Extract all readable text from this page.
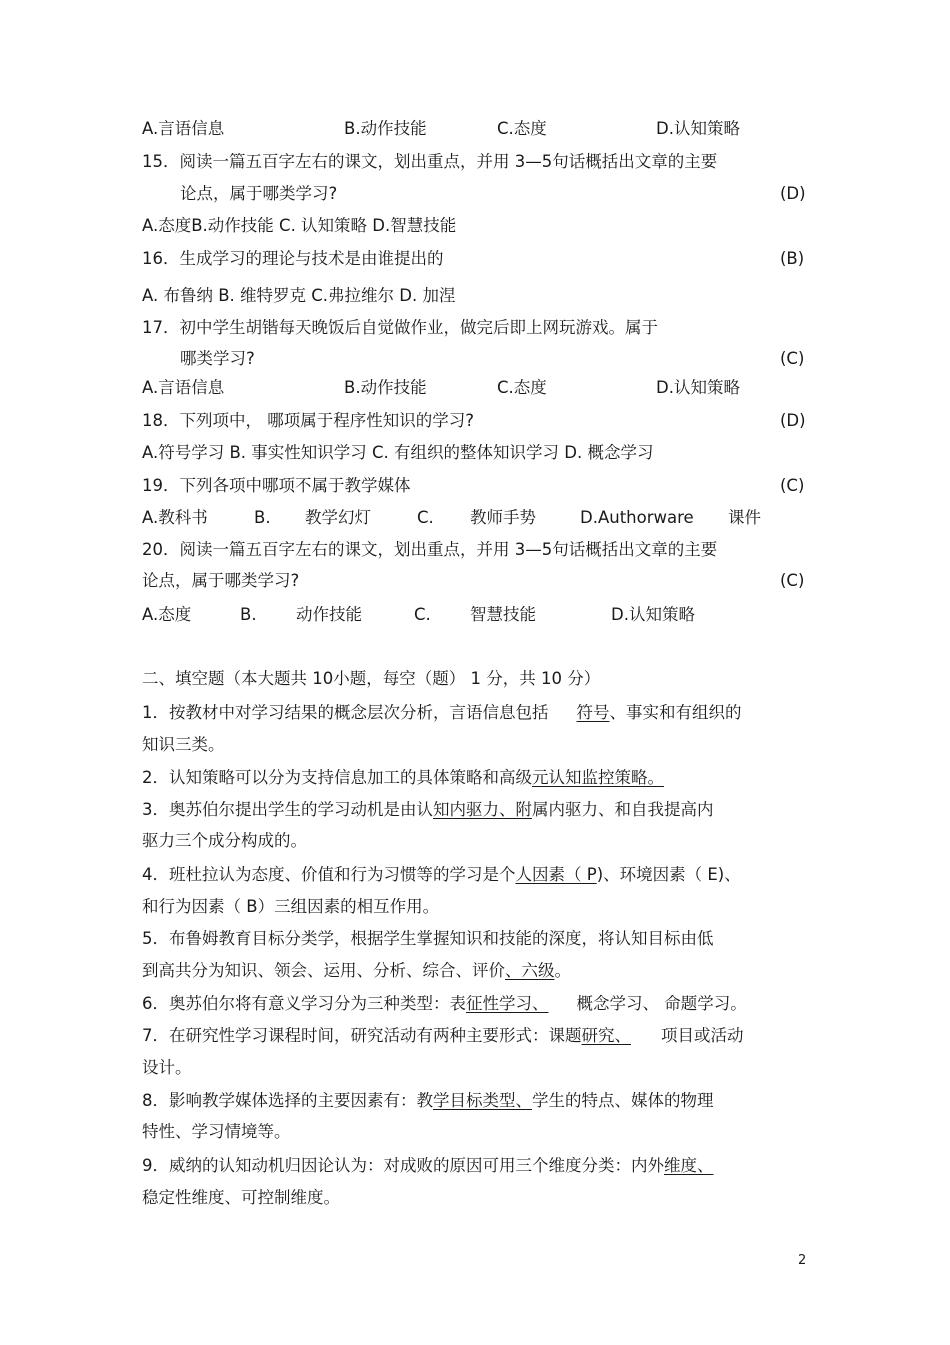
A.言语信息	B.动作技能	C.态度	D.认知策略
15．阅读一篇五百字左右的课文，划出重点，并用 3—5句话概括出文章的主要
论点，属于哪类学习?	(D)
A.态度B.动作技能 C. 认知策略 D.智慧技能
16．生成学习的理论与技术是由谁提出的	(B)
A. 布鲁纳 B. 维特罗克 C.弗拉维尔 D. 加涅
17．初中学生胡锴每天晚饭后自觉做作业，做完后即上网玩游戏。属于
哪类学习?	(C)
A.言语信息	B.动作技能	C.态度	D.认知策略
18．下列项中， 哪项属于程序性知识的学习?	(D)
A.符号学习 B. 事实性知识学习 C. 有组织的整体知识学习 D. 概念学习
19．下列各项中哪项不属于教学媒体	(C)
A.教科书	B. 教学幻灯	C. 教师手势	D.Authorware 课件
20．阅读一篇五百字左右的课文，划出重点，并用 3—5句话概括出文章的主要
论点，属于哪类学习?	(C)
A.态度	B. 动作技能	C. 智慧技能	D.认知策略
二、填空题（本大题共 10小题，每空（题） 1 分，共 10 分）
1．按教材中对学习结果的概念层次分析，言语信息包括 符号、事实和有组织的
知识三类。
2．认知策略可以分为支持信息加工的具体策略和高级元认知监控策略。
3．奥苏伯尔提出学生的学习动机是由认知内驱力、附属内驱力、和自我提高内
驱力三个成分构成的。
4．班杜拉认为态度、价值和行为习惯等的学习是个人因素（ P)、环境因素（ E)、
和行为因素（ B）三组因素的相互作用。
5．布鲁姆教育目标分类学，根据学生掌握知识和技能的深度，将认知目标由低
到高共分为知识、领会、运用、分析、综合、评价、六级。
6．奥苏伯尔将有意义学习分为三种类型：表征性学习、 概念学习、 命题学习。
7．在研究性学习课程时间，研究活动有两种主要形式：课题研究、 项目或活动
设计。
8．影响教学媒体选择的主要因素有：教学目标类型、学生的特点、媒体的物理
特性、学习情境等。
9．威纳的认知动机归因论认为：对成败的原因可用三个维度分类：内外维度、
稳定性维度、可控制维度。
2
